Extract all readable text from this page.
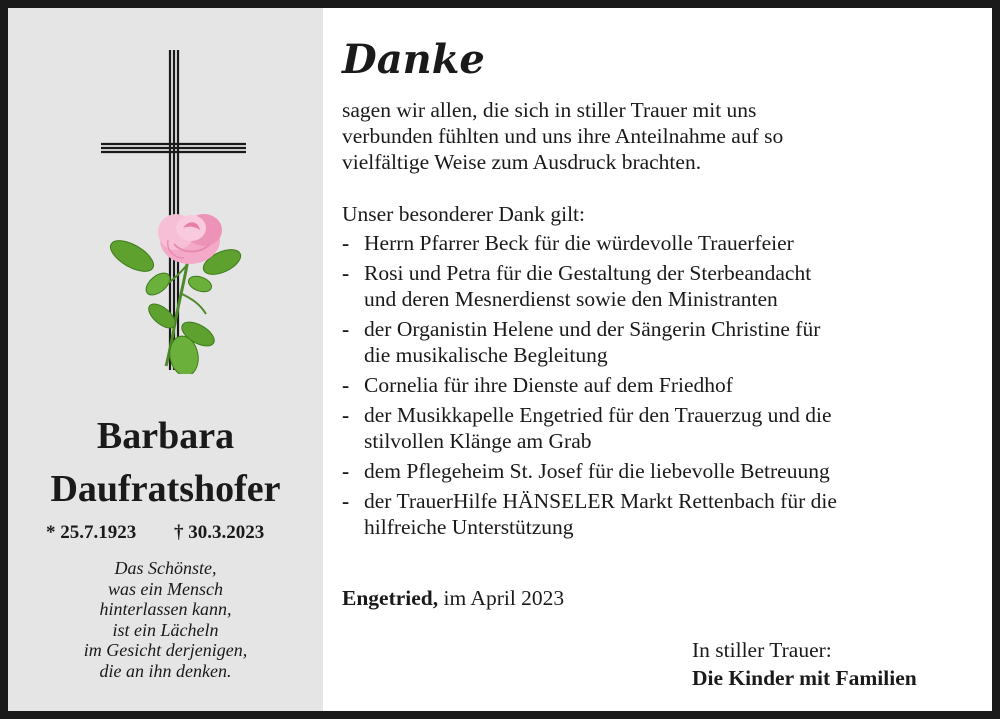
Barbara
Daufratshofer
* 25.7.1923 † 30.3.2023
Das Schönste,
was ein Mensch
hinterlassen kann,
ist ein Lächeln
im Gesicht derjenigen,
die an ihn denken.
Danke
sagen wir allen, die sich in stiller Trauer mit uns
verbunden fühlten und uns ihre Anteilnahme auf so
vielfältige Weise zum Ausdruck brachten.
Unser besonderer Dank gilt:
- Herrn Pfarrer Beck für die würdevolle Trauerfeier
- Rosi und Petra für die Gestaltung der Sterbeandacht
und deren Mesnerdienst sowie den Ministranten
- der Organistin Helene und der Sängerin Christine für
die musikalische Begleitung
- Cornelia für ihre Dienste auf dem Friedhof
- der Musikkapelle Engetried für den Trauerzug und die
stilvollen Klänge am Grab
- dem Pflegeheim St. Josef für die liebevolle Betreuung
- der TrauerHilfe HÄNSELER Markt Rettenbach für die
hilfreiche Unterstützung
Engetried, im April 2023
In stiller Trauer:
Die Kinder mit Familien
